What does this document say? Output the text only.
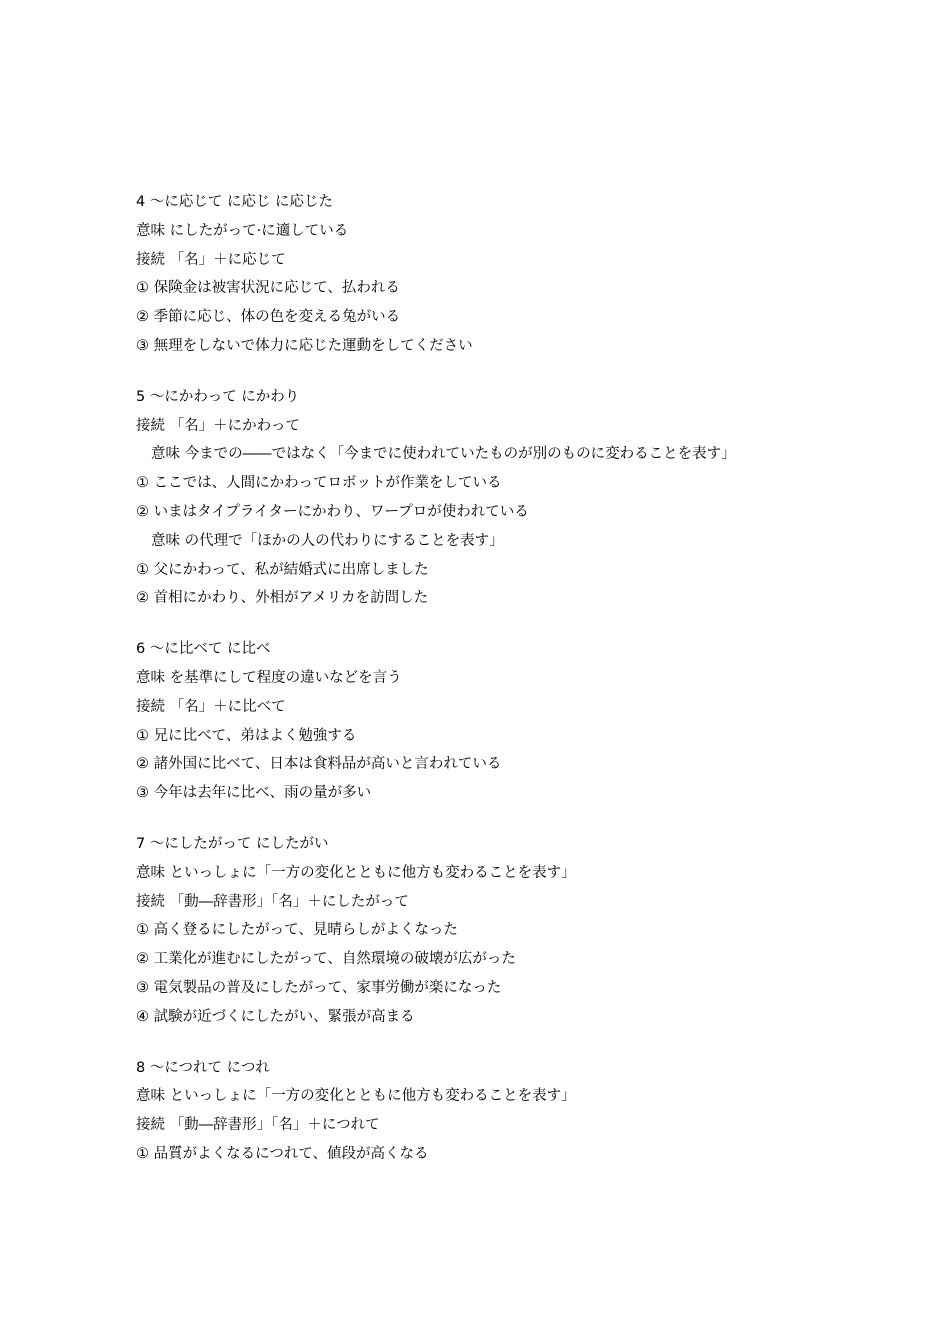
4 ～に応じて に応じ に応じた
意味 にしたがって·に適している
接続 「名」＋に応じて
① 保険金は被害状況に応じて、払われる
② 季節に応じ、体の色を変える兔がいる
③ 無理をしないで体力に応じた運動をしてください
5 ～にかわって にかわり
接続 「名」＋にかわって
意味 今までの――ではなく「今までに使われていたものが別のものに変わることを表す」
① ここでは、人間にかわってロボットが作業をしている
② いまはタイプライターにかわり、ワープロが使われている
意味 の代理で「ほかの人の代わりにすることを表す」
① 父にかわって、私が結婚式に出席しました
② 首相にかわり、外相がアメリカを訪問した
6 ～に比べて に比べ
意味 を基準にして程度の違いなどを言う
接続 「名」＋に比べて
① 兄に比べて、弟はよく勉強する
② 諸外国に比べて、日本は食料品が高いと言われている
③ 今年は去年に比べ、雨の量が多い
7 ～にしたがって にしたがい
意味 といっしょに「一方の変化とともに他方も変わることを表す」
接続 「動―辞書形」「名」＋にしたがって
① 高く登るにしたがって、見晴らしがよくなった
② 工業化が進むにしたがって、自然環境の破壊が広がった
③ 電気製品の普及にしたがって、家事労働が楽になった
④ 試験が近づくにしたがい、緊張が高まる
8 ～につれて につれ
意味 といっしょに「一方の変化とともに他方も変わることを表す」
接続 「動―辞書形」「名」＋につれて
① 品質がよくなるにつれて、値段が高くなる
